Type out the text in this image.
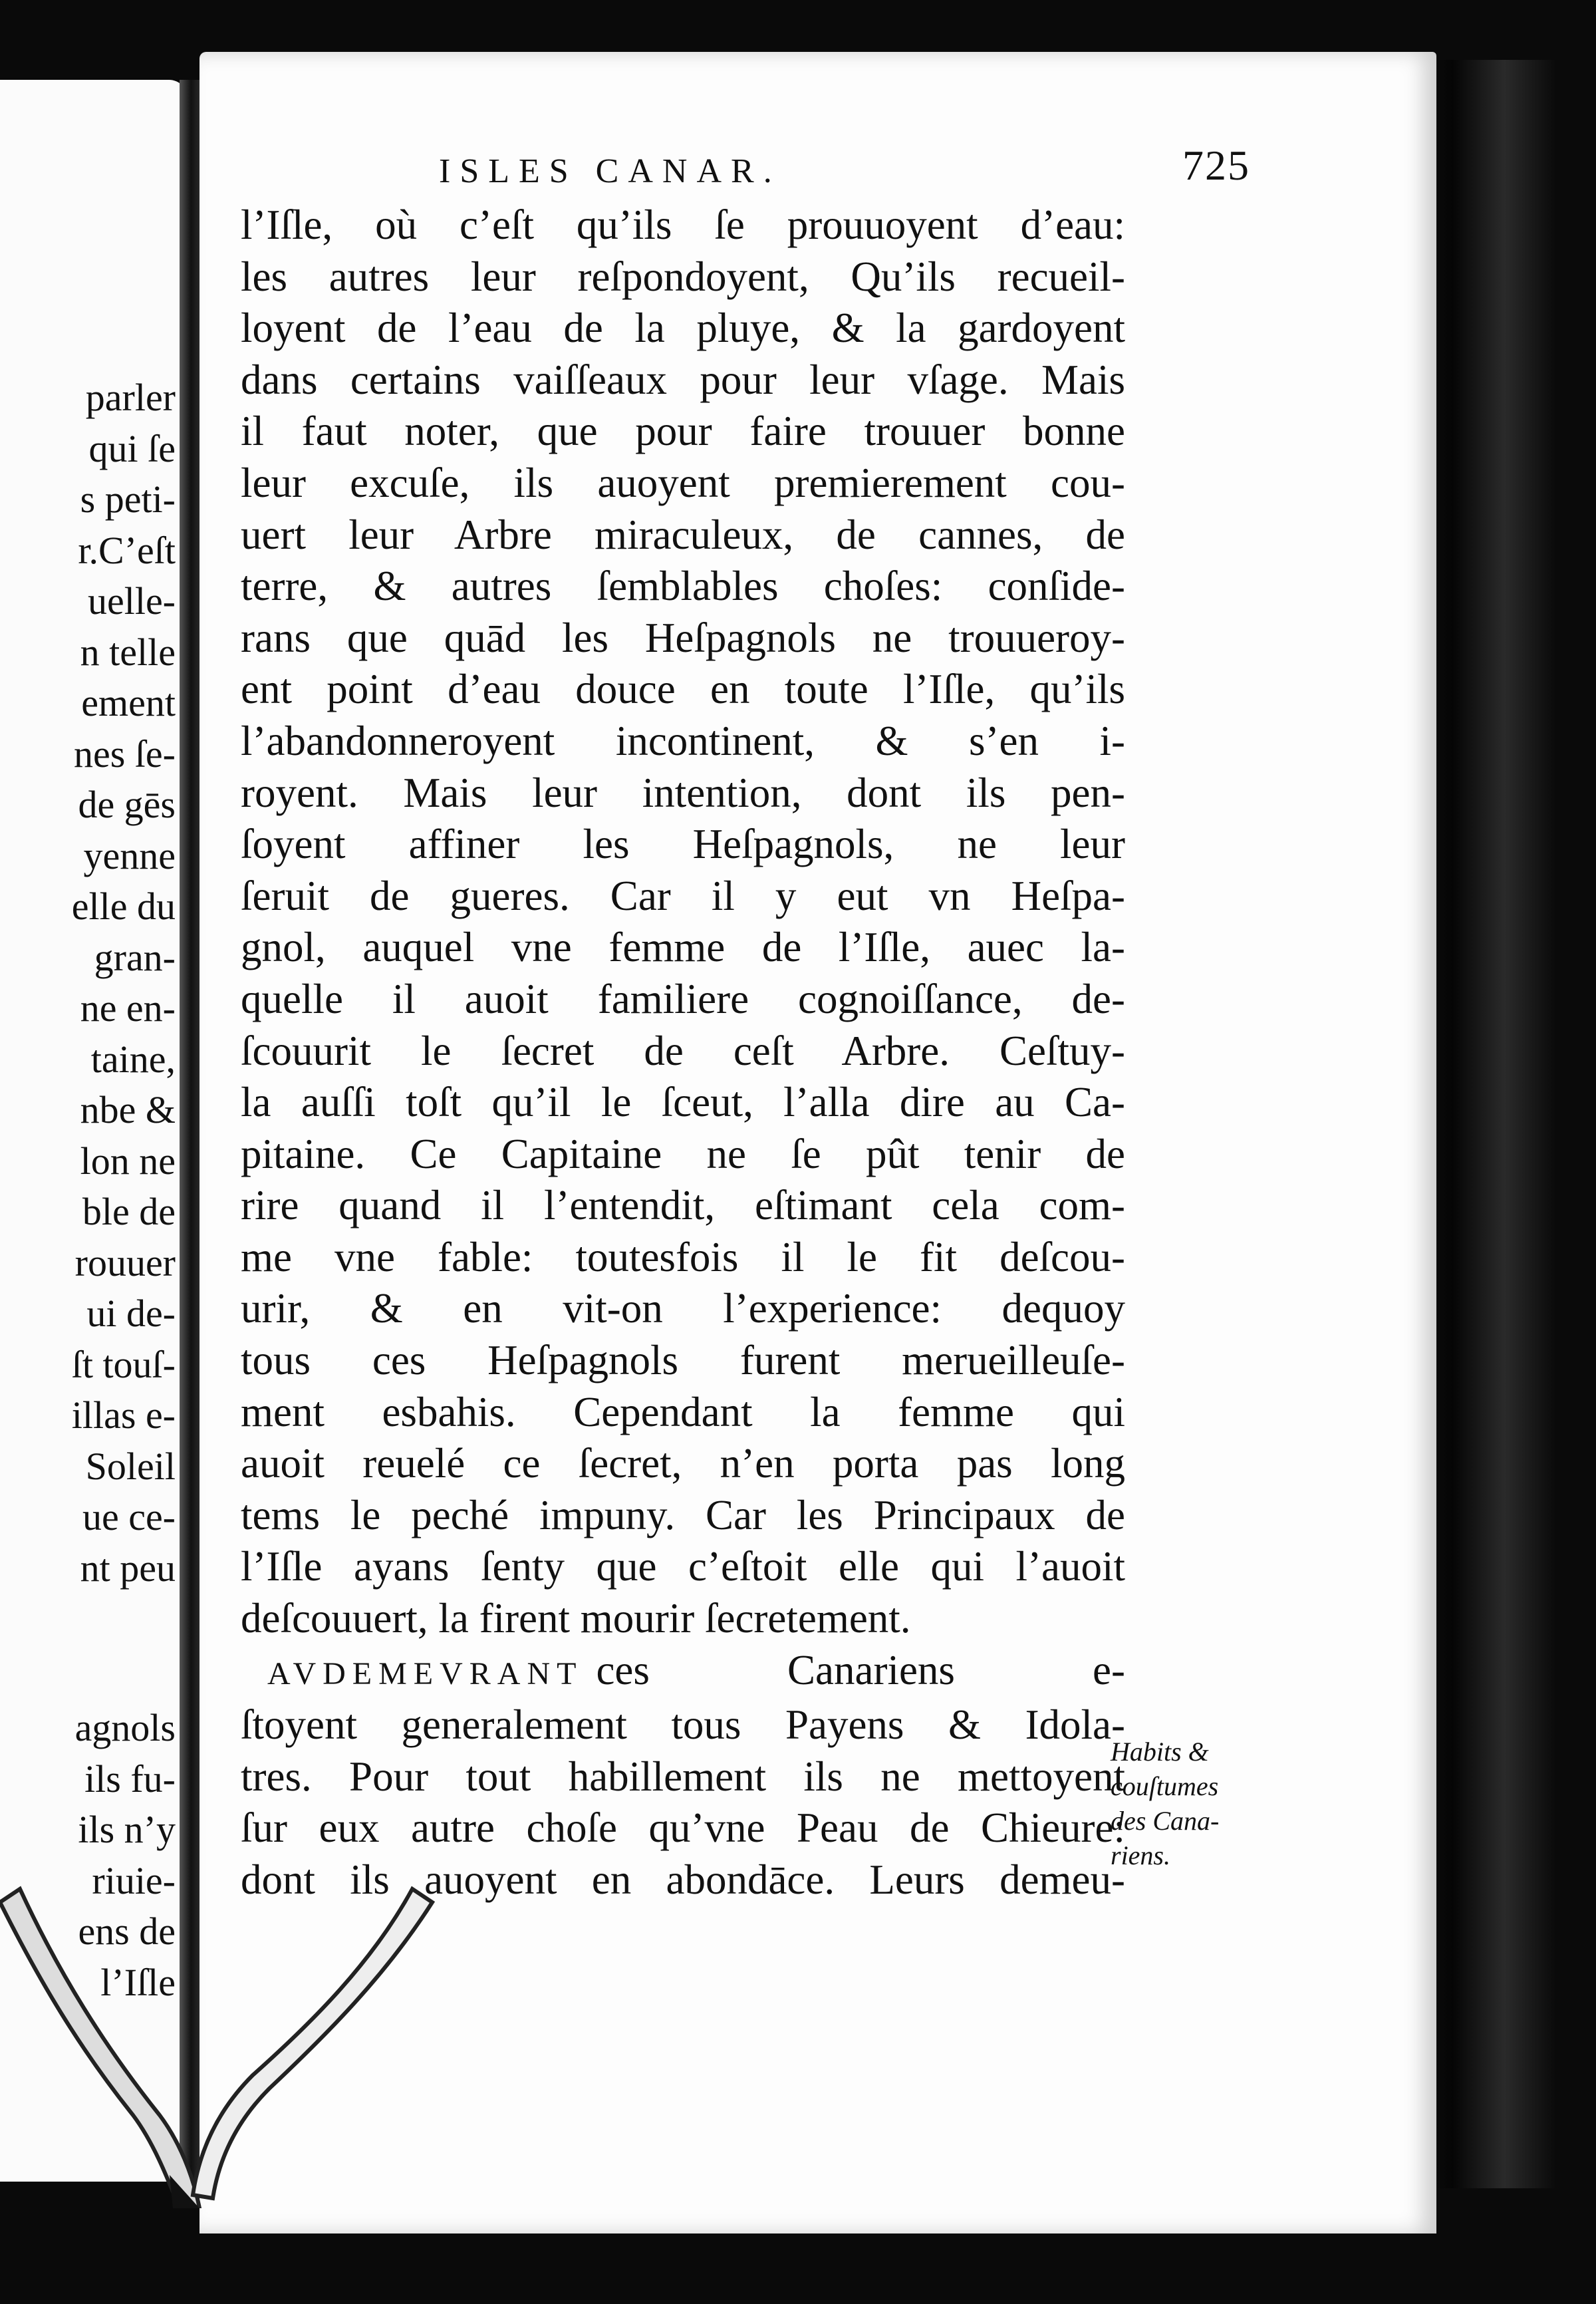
parler
qui ſe
s peti-
r.C’eſt
uelle-
n telle
ement
nes ſe-
de gēs
yenne
elle du
gran-
ne en-
taine,
nbe &
lon ne
ble de
rouuer
ui de-
ſt touſ-
illas e-
Soleil
ue ce-
nt peu
agnols
ils fu-
ils n’y
riuie-
ens de
l’Iſle
ISLES CANAR.	725
l’Iſle, où c’eſt qu’ils ſe prouuoyent d’eau:
les autres leur reſpondoyent, Qu’ils recueil-
loyent de l’eau de la pluye, & la gardoyent
dans certains vaiſſeaux pour leur vſage. Mais
il faut noter, que pour faire trouuer bonne
leur excuſe, ils auoyent premierement cou-
uert leur Arbre miraculeux, de cannes, de
terre, & autres ſemblables choſes: conſide-
rans que quād les Heſpagnols ne trouueroy-
ent point d’eau douce en toute l’Iſle, qu’ils
l’abandonneroyent incontinent, & s’en i-
royent. Mais leur intention, dont ils pen-
ſoyent affiner les Heſpagnols, ne leur
ſeruit de gueres. Car il y eut vn Heſpa-
gnol, auquel vne femme de l’Iſle, auec la-
quelle il auoit familiere cognoiſſance, de-
ſcouurit le ſecret de ceſt Arbre. Ceſtuy-
la auſſi toſt qu’il le ſceut, l’alla dire au Ca-
pitaine. Ce Capitaine ne ſe pût tenir de
rire quand il l’entendit, eſtimant cela com-
me vne fable: toutesfois il le fit deſcou-
urir, & en vit-on l’experience: dequoy
tous ces Heſpagnols furent merueilleuſe-
ment esbahis. Cependant la femme qui
auoit reuelé ce ſecret, n’en porta pas long
tems le peché impuny. Car les Principaux de
l’Iſle ayans ſenty que c’eſtoit elle qui l’auoit
deſcouuert, la firent mourir ſecretement.
AVDEMEVRANT ces Canariens e-
ſtoyent generalement tous Payens & Idola-
tres. Pour tout habillement ils ne mettoyent
ſur eux autre choſe qu’vne Peau de Chieure:
dont ils auoyent en abondāce. Leurs demeu-
Habits &
couſtumes
des Cana-
riens.
